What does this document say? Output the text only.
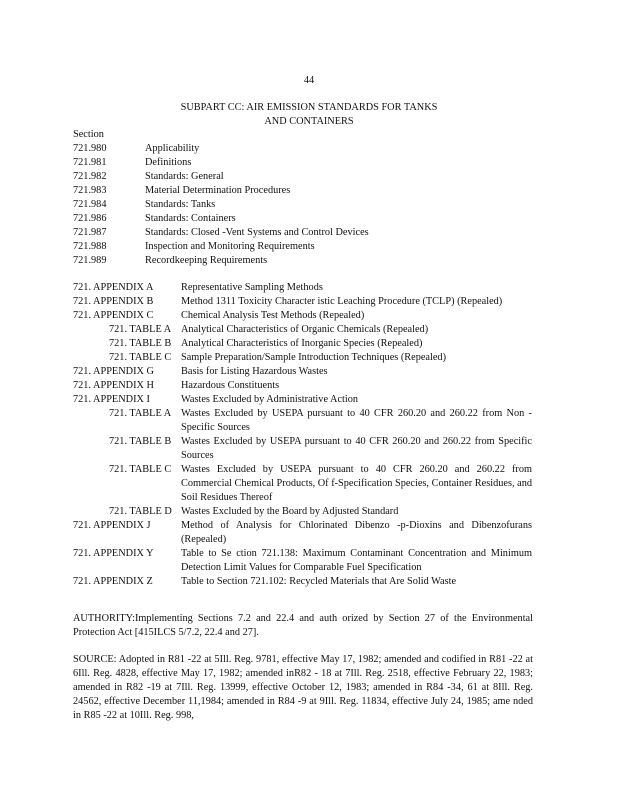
44
SUBPART CC: AIR EMISSION STANDARDS FOR TANKS
AND CONTAINERS
Section
721.980	Applicability
721.981	Definitions
721.982	Standards: General
721.983	Material Determination Procedures
721.984	Standards: Tanks
721.986	Standards: Containers
721.987	Standards: Closed -Vent Systems and Control Devices
721.988	Inspection and Monitoring Requirements
721.989	Recordkeeping Requirements
721. APPENDIX A	Representative Sampling Methods
721. APPENDIX B	Method 1311 Toxicity Character istic Leaching Procedure (TCLP) (Repealed)
721. APPENDIX C	Chemical Analysis Test Methods (Repealed)
721. TABLE A Analytical Characteristics of Organic Chemicals (Repealed)
721. TABLE B Analytical Characteristics of Inorganic Species (Repealed)
721. TABLE C Sample Preparation/Sample Introduction Techniques (Repealed)
721. APPENDIX G	Basis for Listing Hazardous Wastes
721. APPENDIX H	Hazardous Constituents
721. APPENDIX I	Wastes Excluded by Administrative Action
721. TABLE A Wastes Excluded by USEPA pursuant to 40 CFR 260.20 and 260.22 from Non -Specific Sources
721. TABLE B Wastes Excluded by USEPA pursuant to 40 CFR 260.20 and 260.22 from Specific Sources
721. TABLE C Wastes Excluded by USEPA pursuant to 40 CFR 260.20 and 260.22 from Commercial Chemical Products, Of f-Specification Species, Container Residues, and Soil Residues Thereof
721. TABLE D Wastes Excluded by the Board by Adjusted Standard
721. APPENDIX J	Method of Analysis for Chlorinated Dibenzo -p-Dioxins and Dibenzofurans (Repealed)
721. APPENDIX Y	Table to Se ction 721.138: Maximum Contaminant Concentration and Minimum Detection Limit Values for Comparable Fuel Specification
721. APPENDIX Z	Table to Section 721.102: Recycled Materials that Are Solid Waste
AUTHORITY:Implementing Sections 7.2 and 22.4 and auth orized by Section 27 of the Environmental Protection Act [415ILCS 5/7.2, 22.4 and 27].
SOURCE: Adopted in R81 -22 at 5Ill. Reg. 9781, effective May 17, 1982; amended and codified in R81 -22 at 6Ill. Reg. 4828, effective May 17, 1982; amended inR82 - 18 at 7Ill. Reg. 2518, effective February 22, 1983; amended in R82 -19 at 7Ill. Reg. 13999, effective October 12, 1983; amended in R84 -34, 61 at 8Ill. Reg. 24562, effective December 11,1984; amended in R84 -9 at 9Ill. Reg. 11834, effective July 24, 1985; ame nded in R85 -22 at 10Ill. Reg. 998,
